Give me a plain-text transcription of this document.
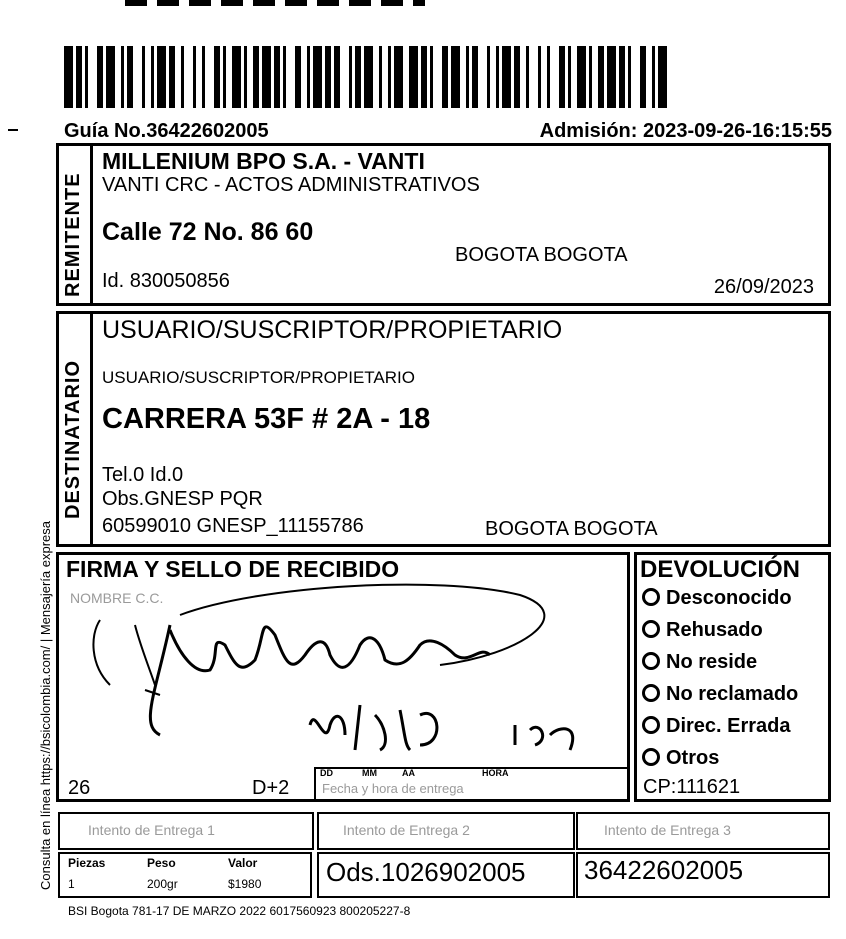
Guía No.36422602005	Admisión: 2023-09-26-16:15:55
REMITENTE
MILLENIUM BPO S.A. - VANTI
VANTI CRC - ACTOS ADMINISTRATIVOS
Calle 72 No. 86 60
BOGOTA BOGOTA
Id. 830050856	26/09/2023
DESTINATARIO
USUARIO/SUSCRIPTOR/PROPIETARIO
USUARIO/SUSCRIPTOR/PROPIETARIO
CARRERA 53F # 2A - 18
Tel.0 Id.0
Obs.GNESP PQR
60599010 GNESP_11155786	BOGOTA BOGOTA
FIRMA Y SELLO DE RECIBIDO
NOMBRE C.C.
26	D+2
DD	MM	AA	HORA
Fecha y hora de entrega
DEVOLUCIÓN
Desconocido
Rehusado
No reside
No reclamado
Direc. Errada
Otros
CP:111621
Intento de Entrega 1	Intento de Entrega 2	Intento de Entrega 3
Piezas	Peso	Valor
1	200gr	$1980 Ods.1026902005 36422602005
BSI Bogota 781-17 DE MARZO 2022 6017560923 800205227-8
Consulta en línea https://bsicolombia.com/ | Mensajería expresa
